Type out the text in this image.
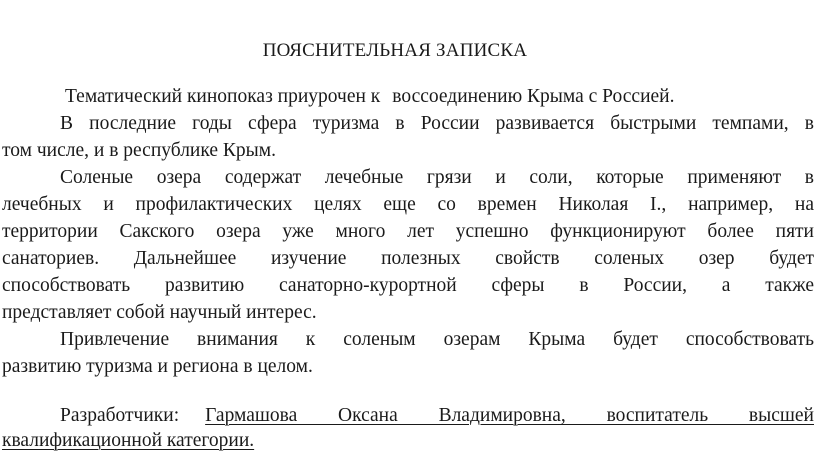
ПОЯСНИТЕЛЬНАЯ ЗАПИСКА
Тематический кинопоказ приурочен к воссоединению Крыма с Россией.
В последние годы сфера туризма в России развивается быстрыми темпами, в
том числе, и в республике Крым.
Соленые озера содержат лечебные грязи и соли, которые применяют в
лечебных и профилактических целях еще со времен Николая I., например, на
территории Сакского озера уже много лет успешно функционируют более пяти
санаториев. Дальнейшее изучение полезных свойств соленых озер будет
способствовать развитию санаторно-курортной сферы в России, а также
представляет собой научный интерес.
Привлечение внимания к соленым озерам Крыма будет способствовать
развитию туризма и региона в целом.
Разработчики:	Гармашова Оксана Владимировна, воспитатель высшей
квалификационной категории.
